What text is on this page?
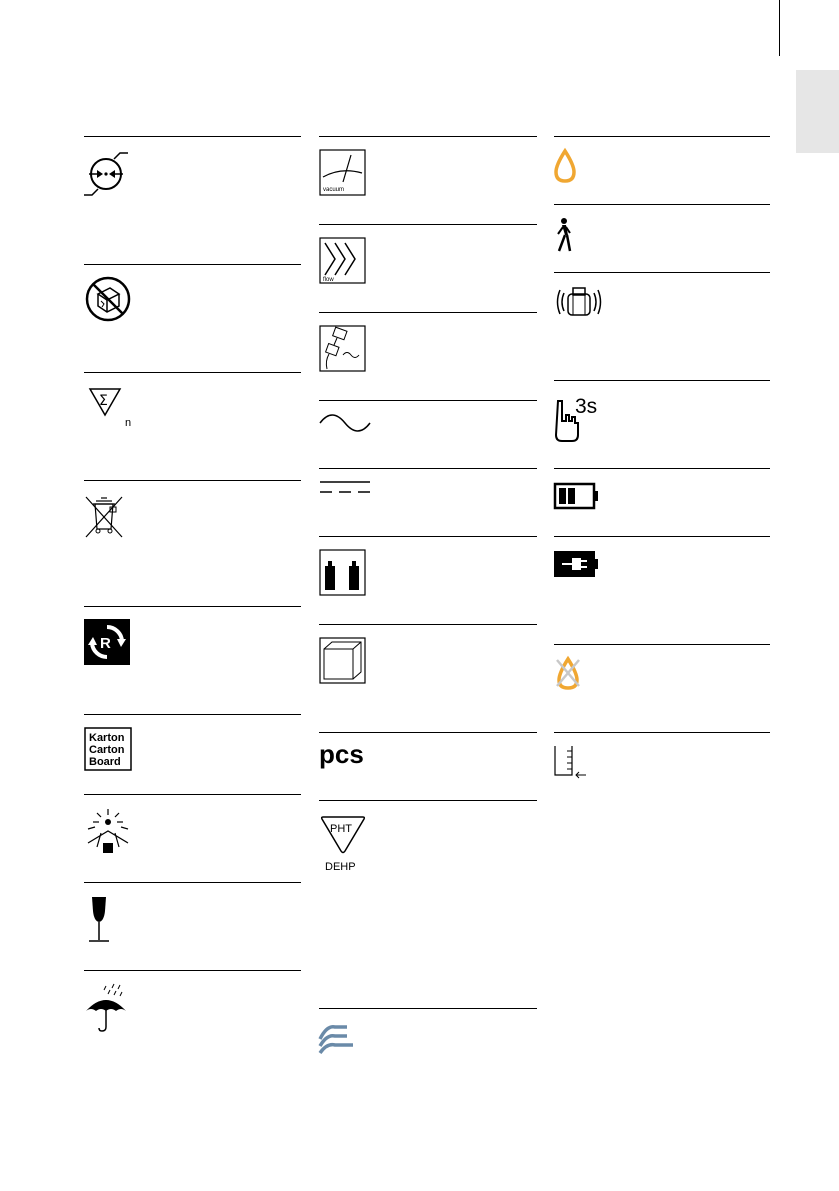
Σ
n
R
Karton
Carton
Board
vacuum
flow
pcs
PHT
DEHP
3s
